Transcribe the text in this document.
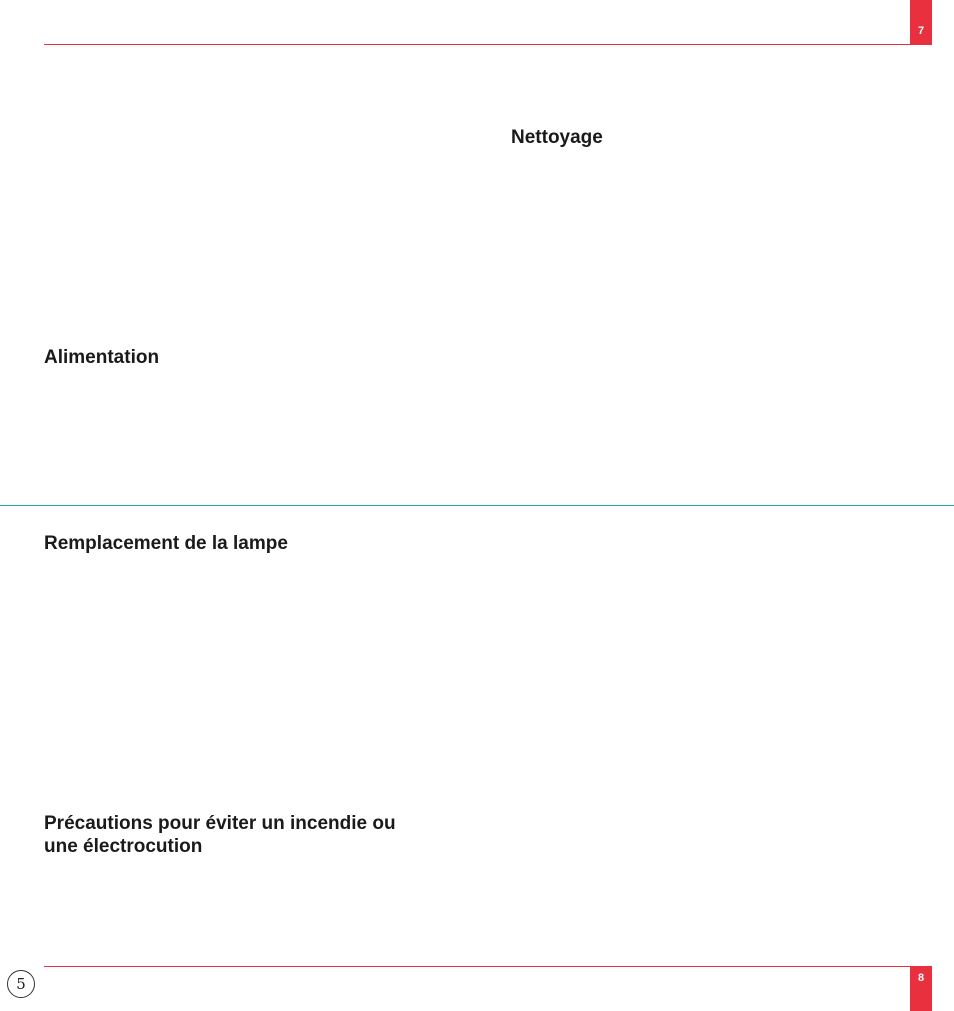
7
Nettoyage
Alimentation
Remplacement de la lampe
Précautions pour éviter un incendie ou
une électrocution
8
5
